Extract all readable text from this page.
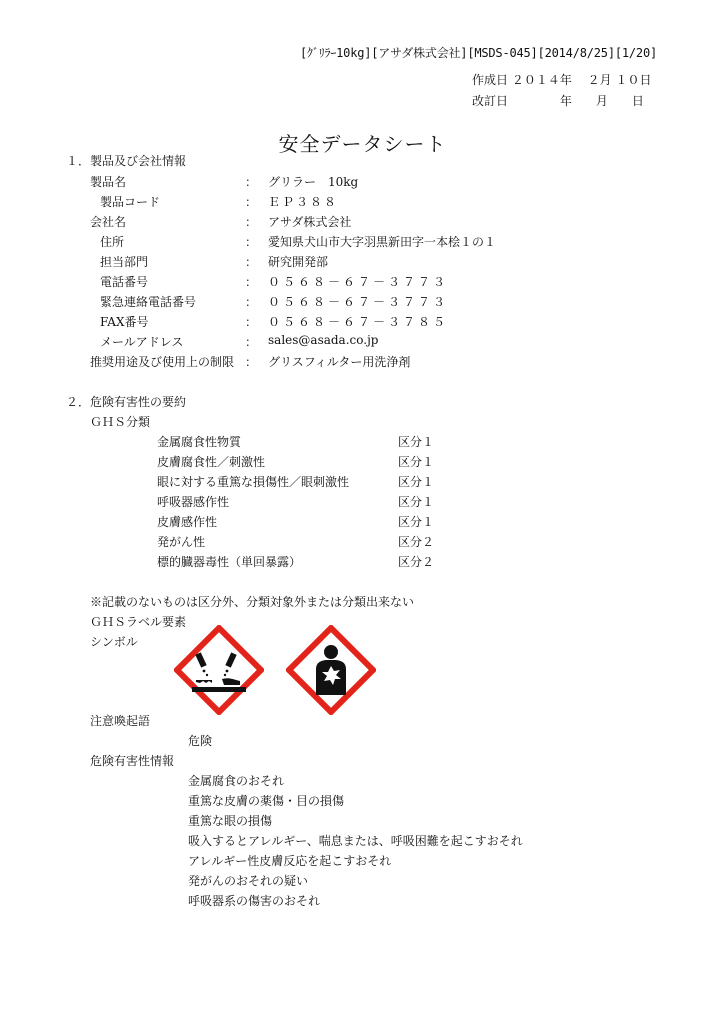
[ｸﾞﾘﾗｰ10kg][アサダ株式会社][MSDS-045][2014/8/25][1/20]
作成日 ２０１４年　 ２月 １０日
改訂日　　　　 年　　月　　日
安全データシート
１．製品及び会社情報
製品名	： グリラー　10kg
製品コード	： ＥＰ３８８
会社名	： アサダ株式会社
住所	： 愛知県犬山市大字羽黒新田字一本桧１の１
担当部門	： 研究開発部
電話番号	： ０５６８－６７－３７７３
緊急連絡電話番号	： ０５６８－６７－３７７３
FAX番号	： ０５６８－６７－３７８５
メールアドレス	： sales@asada.co.jp
推奨用途及び使用上の制限 ： グリスフィルター用洗浄剤
２．危険有害性の要約
ＧＨＳ分類
金属腐食性物質	区分１
皮膚腐食性／刺激性	区分１
眼に対する重篤な損傷性／眼刺激性	区分１
呼吸器感作性	区分１
皮膚感作性	区分１
発がん性	区分２
標的臓器毒性（単回暴露）	区分２
※記載のないものは区分外、分類対象外または分類出来ない
ＧＨＳラベル要素
シンボル
注意喚起語
危険
危険有害性情報
金属腐食のおそれ
重篤な皮膚の薬傷・目の損傷
重篤な眼の損傷
吸入するとアレルギー、喘息または、呼吸困難を起こすおそれ
アレルギー性皮膚反応を起こすおそれ
発がんのおそれの疑い
呼吸器系の傷害のおそれ
